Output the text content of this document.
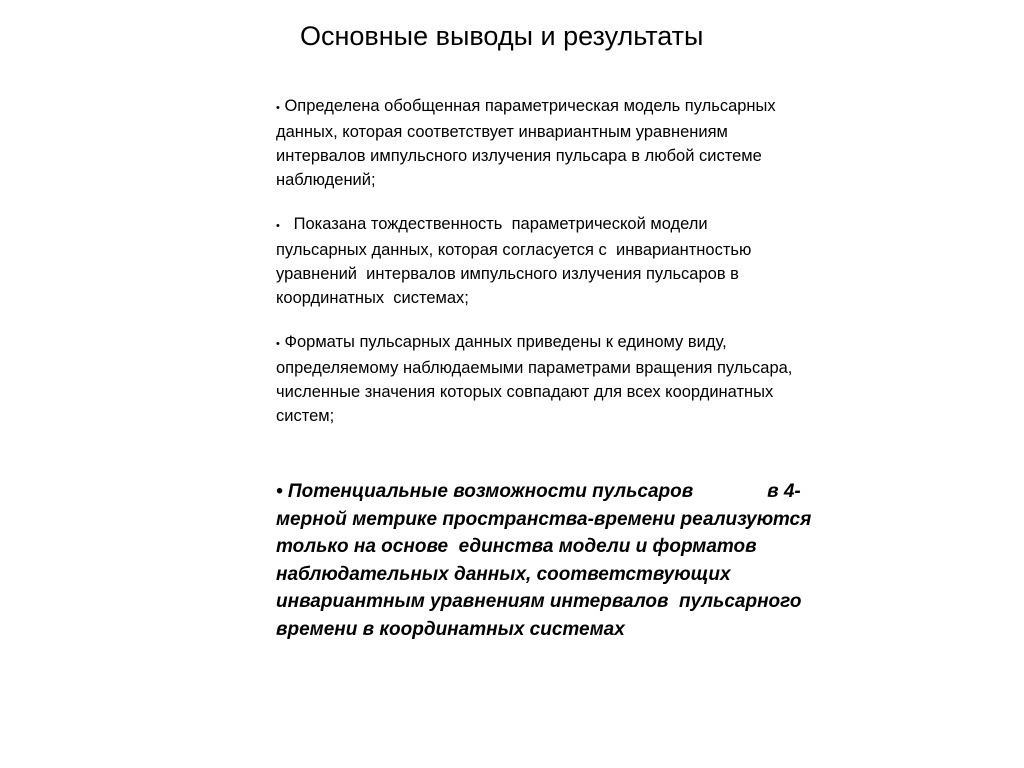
Основные выводы и результаты

• Определена обобщенная параметрическая модель пульсарных
данных, которая соответствует инвариантным уравнениям
интервалов импульсного излучения пульсара в любой системе
наблюдений;

•   Показана тождественность  параметрической модели
пульсарных данных, которая согласуется с  инвариантностью
уравнений  интервалов импульсного излучения пульсаров в
координатных  системах;

• Форматы пульсарных данных приведены к единому виду,
определяемому наблюдаемыми параметрами вращения пульсара,
численные значения которых совпадают для всех координатных
систем;

• Потенциальные возможности пульсаров              в 4-
мерной метрике пространства-времени реализуются
только на основе  единства модели и форматов
наблюдательных данных, соответствующих
инвариантным уравнениям интервалов  пульсарного
времени в координатных системах
